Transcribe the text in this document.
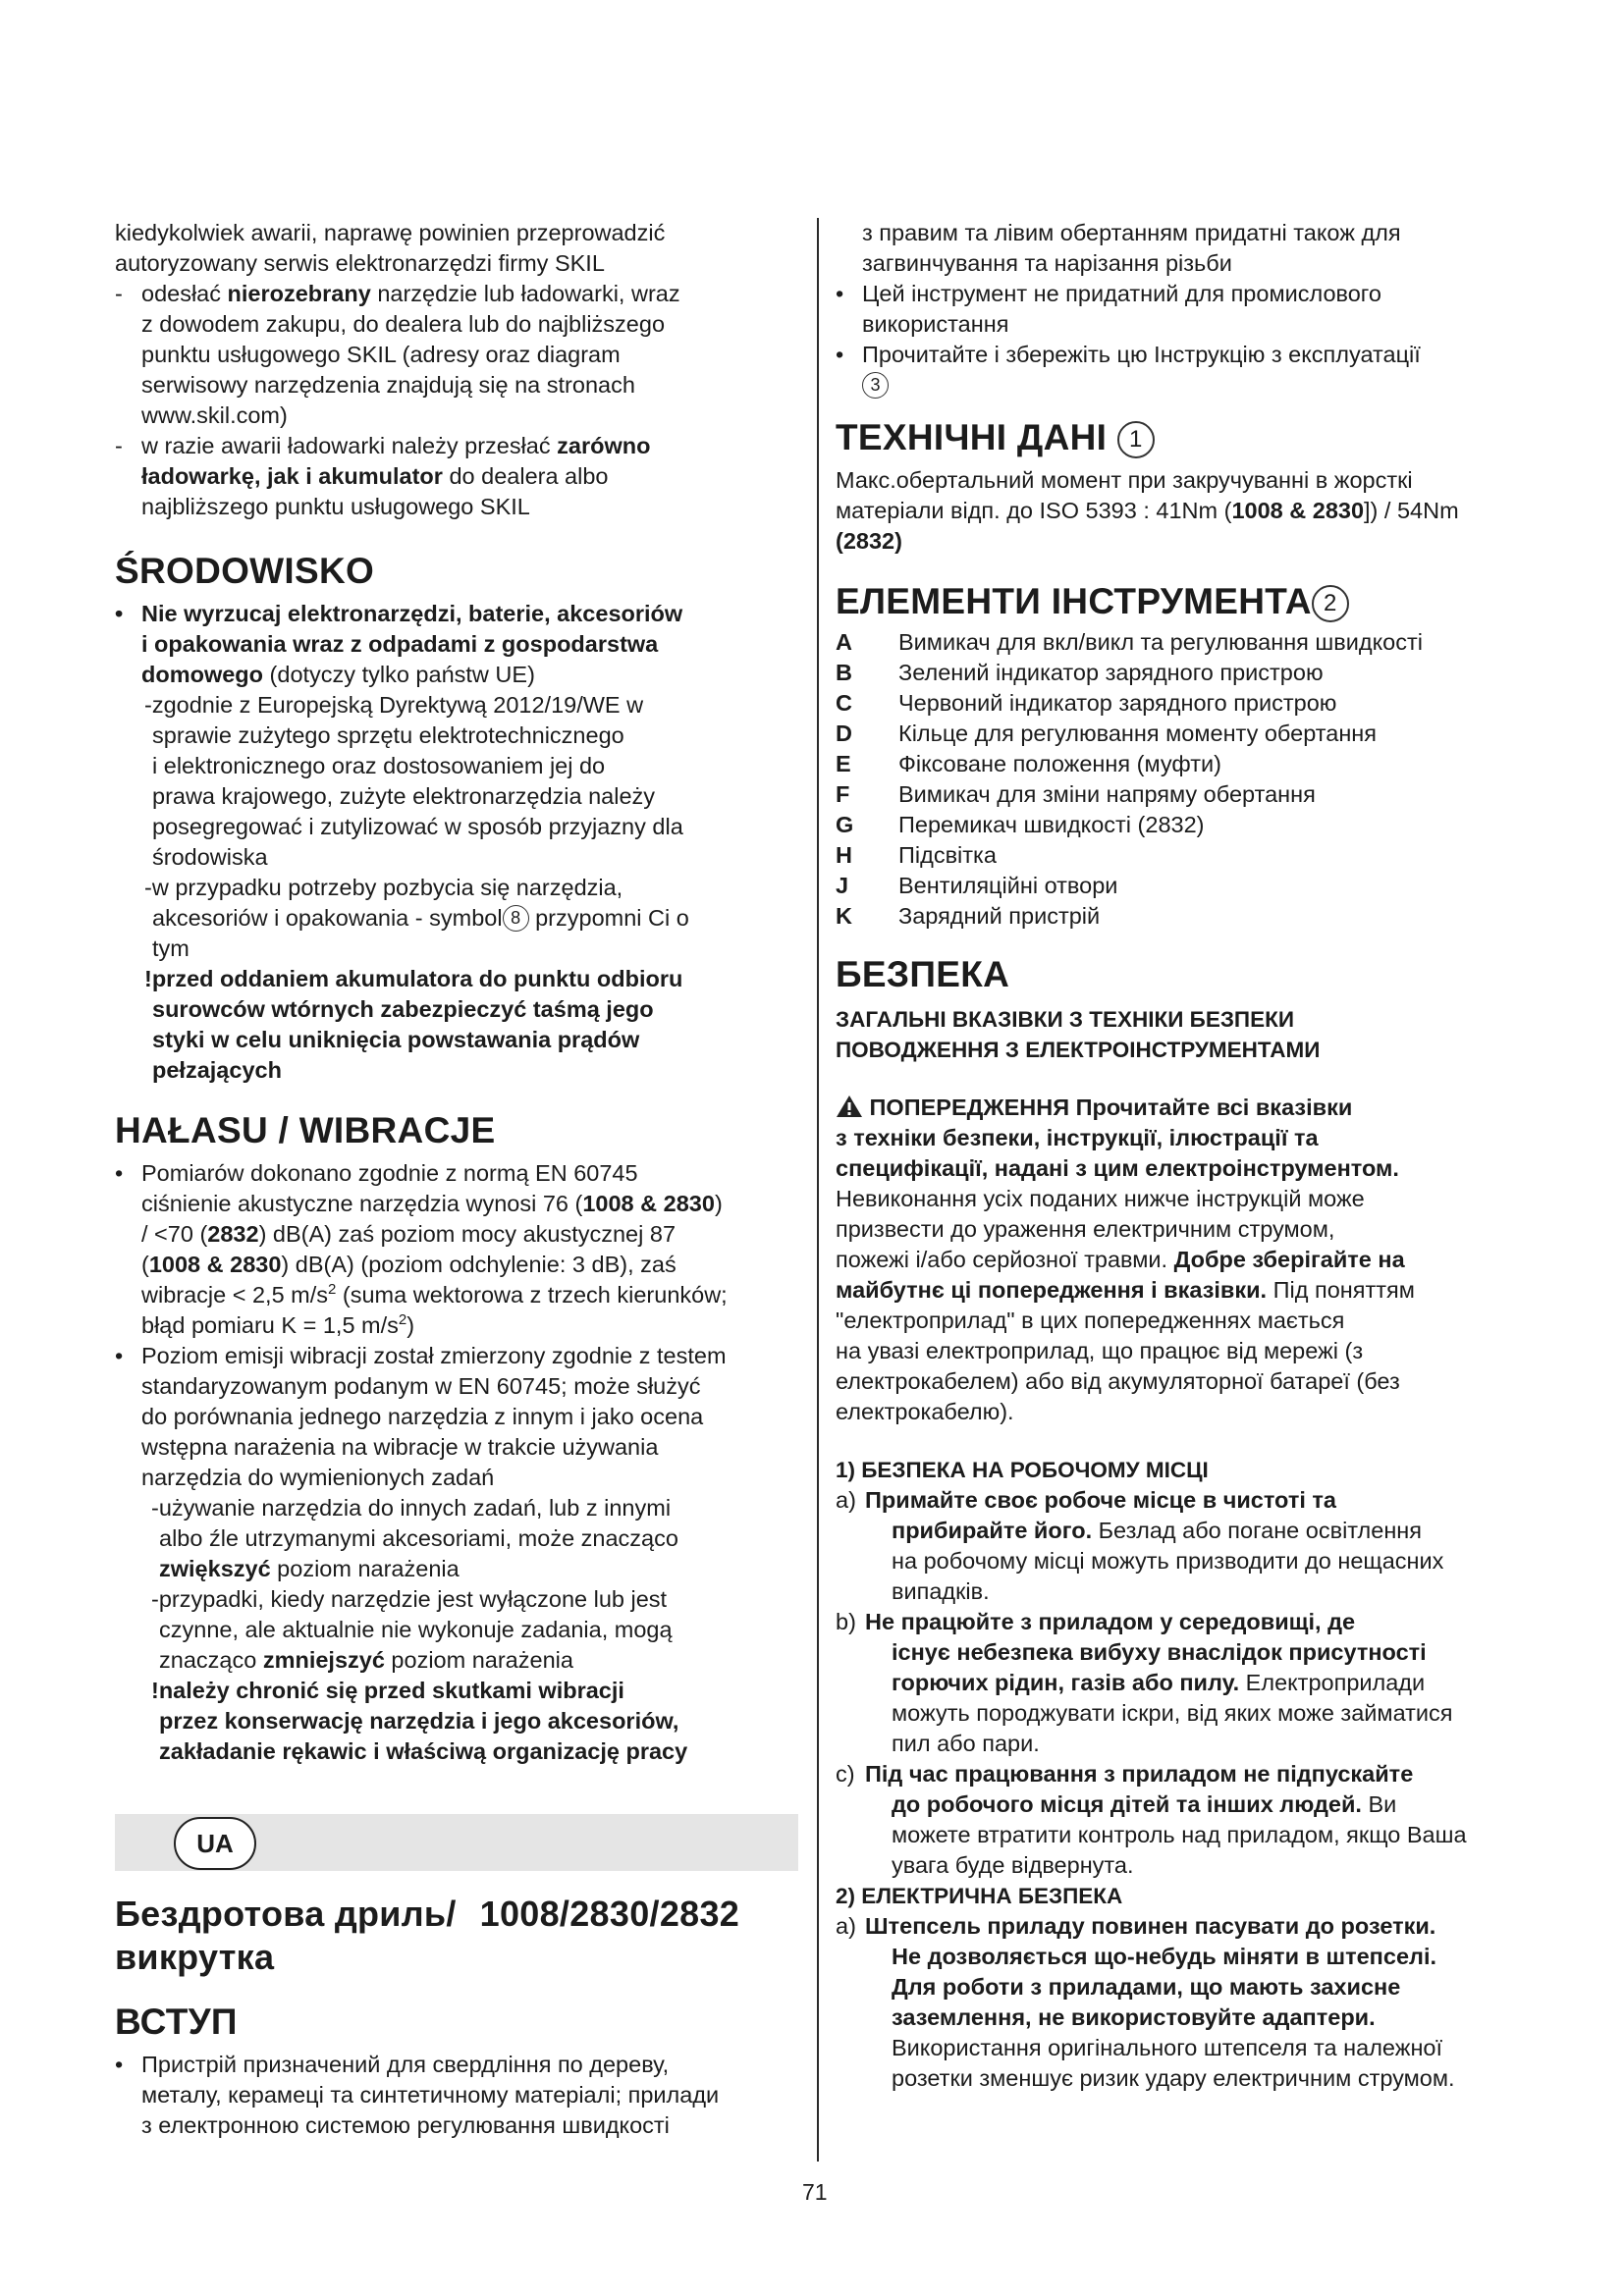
kiedykolwiek awarii, naprawę powinien przeprowadzić

autoryzowany serwis elektronarzędzi firmy SKIL

- odesłać nierozebrany narzędzie lub ładowarki, wraz

z dowodem zakupu, do dealera lub do najbliższego

punktu usługowego SKIL (adresy oraz diagram

serwisowy narzędzenia znajdują się na stronach

www.skil.com)

- w razie awarii ładowarki należy przesłać zarówno

ładowarkę, jak i akumulator do dealera albo

najbliższego punktu usługowego SKIL

ŚRODOWISKO
• Nie wyrzucaj elektronarzędzi, baterie, akcesoriów

i opakowania wraz z odpadami z gospodarstwa

domowego (dotyczy tylko państw UE)

-zgodnie z Europejską Dyrektywą 2012/19/WE w

sprawie zużytego sprzętu elektrotechnicznego

i elektronicznego oraz dostosowaniem jej do

prawa krajowego, zużyte elektronarzędzia należy

posegregować i zutylizować w sposób przyjazny dla

środowiska

-w przypadku potrzeby pozbycia się narzędzia,

akcesoriów i opakowania - symbol 8 przypomni Ci o

tym

!przed oddaniem akumulatora do punktu odbioru

surowców wtórnych zabezpieczyć taśmą jego

styki w celu uniknięcia powstawania prądów

pełzających

HAŁASU / WIBRACJE
• Pomiarów dokonano zgodnie z normą EN 60745

ciśnienie akustyczne narzędzia wynosi 76 (1008 & 2830)

/ <70 (2832) dB(A) zaś poziom mocy akustycznej 87

(1008 & 2830) dB(A) (poziom odchylenie: 3 dB), zaś

wibracje < 2,5 $m/s^2$ (suma wektorowa z trzech kierunków;

błąd pomiaru K = 1,5 $m/s^2$)

• Poziom emisji wibracji został zmierzony zgodnie z testem

standaryzowanym podanym w EN 60745; może służyć

do porównania jednego narzędzia z innym i jako ocena

wstępna narażenia na wibracje w trakcie używania

narzędzia do wymienionych zadań

-używanie narzędzia do innych zadań, lub z innymi

albo źle utrzymanymi akcesoriami, może znacząco

zwiększyć poziom narażenia

-przypadki, kiedy narzędzie jest wyłączone lub jest

czynne, ale aktualnie nie wykonuje zadania, mogą

znacząco zmniejszyć poziom narażenia

!należy chronić się przed skutkami wibracji

przez konserwację narzędzia i jego akcesoriów,

zakładanie rękawic i właściwą organizację pracy

UA
Бездротова дриль/ 1008/2830/2832
викрутка
ВСТУП
• Пристрій призначений для свердління по дереву,

металу, керамеці та синтетичному матеріалі; прилади

з електронною системою регулювання швидкості

з правим та лівим обертанням придатні також для

загвинчування та нарізання різьби

• Цей інструмент не придатний для промислового

використання

• Прочитайте і збережіть цю Інструкцію з експлуатації

3

ТЕХНІЧНІ ДАНІ 1

Макс.обертальний момент при закручуванні в жорсткі

матеріали відп. до ISO 5393 : 41Nm (1008 & 2830]) / 54Nm

(2832)

ЕЛЕМЕНТИ ІНСТРУМЕНТА 2
A	Вимикач для вкл/викл та регулювання швидкості
B	Зелений індикатор зарядного пристрою
C	Червоний індикатор зарядного пристрою
D	Кільце для регулювання моменту обертання
E	Фіксоване положення (муфти)
F	Вимикач для зміни напряму обертання
G	Перемикач швидкості (2832)
H	Підсвітка
J	Вентиляційні отвори
K	Зарядний пристрій
БЕЗПЕКА
ЗАГАЛЬНІ ВКАЗІВКИ З ТЕХНІКИ БЕЗПЕКИ
ПОВОДЖЕННЯ З ЕЛЕКТРОІНСТРУМЕНТАМИ

ПОПЕРЕДЖЕННЯ Прочитайте всі вказівки

з техніки безпеки, інструкції, ілюстрації та

специфікації, надані з цим електроінструментом.

Невиконання усіх поданих нижче інструкцій може

призвести до ураження електричним струмом,

пожежі і/або серйозної травми. Добре зберігайте на

майбутнє ці попередження і вказівки. Під поняттям

"електроприлад" в цих попередженнях мається

на увазі електроприлад, що працює від мережі (з

електрокабелем) або від акумуляторної батареї (без

електрокабелю).

1) БЕЗПЕКА НА РОБОЧОМУ МІСЦІ
a) Примайте своє робоче місце в чистоті та

прибирайте його. Безлад або погане освітлення

на робочому місці можуть призводити до нещасних

випадків.

b) Не працюйте з приладом у середовищі, де

існує небезпека вибуху внаслідок присутності

горючих рідин, газів або пилу. Електроприлади

можуть породжувати іскри, від яких може займатися

пил або пари.

c) Під час працювання з приладом не підпускайте

до робочого місця дітей та інших людей. Ви

можете втратити контроль над приладом, якщо Ваша

увага буде відвернута.

2) ЕЛЕКТРИЧНА БЕЗПЕКА
a) Штепсель приладу повинен пасувати до розетки.

Не дозволяється що-небудь міняти в штепселі.

Для роботи з приладами, що мають захисне

заземлення, не використовуйте адаптери.

Використання оригінального штепселя та належної

розетки зменшує ризик удару електричним струмом.

71
